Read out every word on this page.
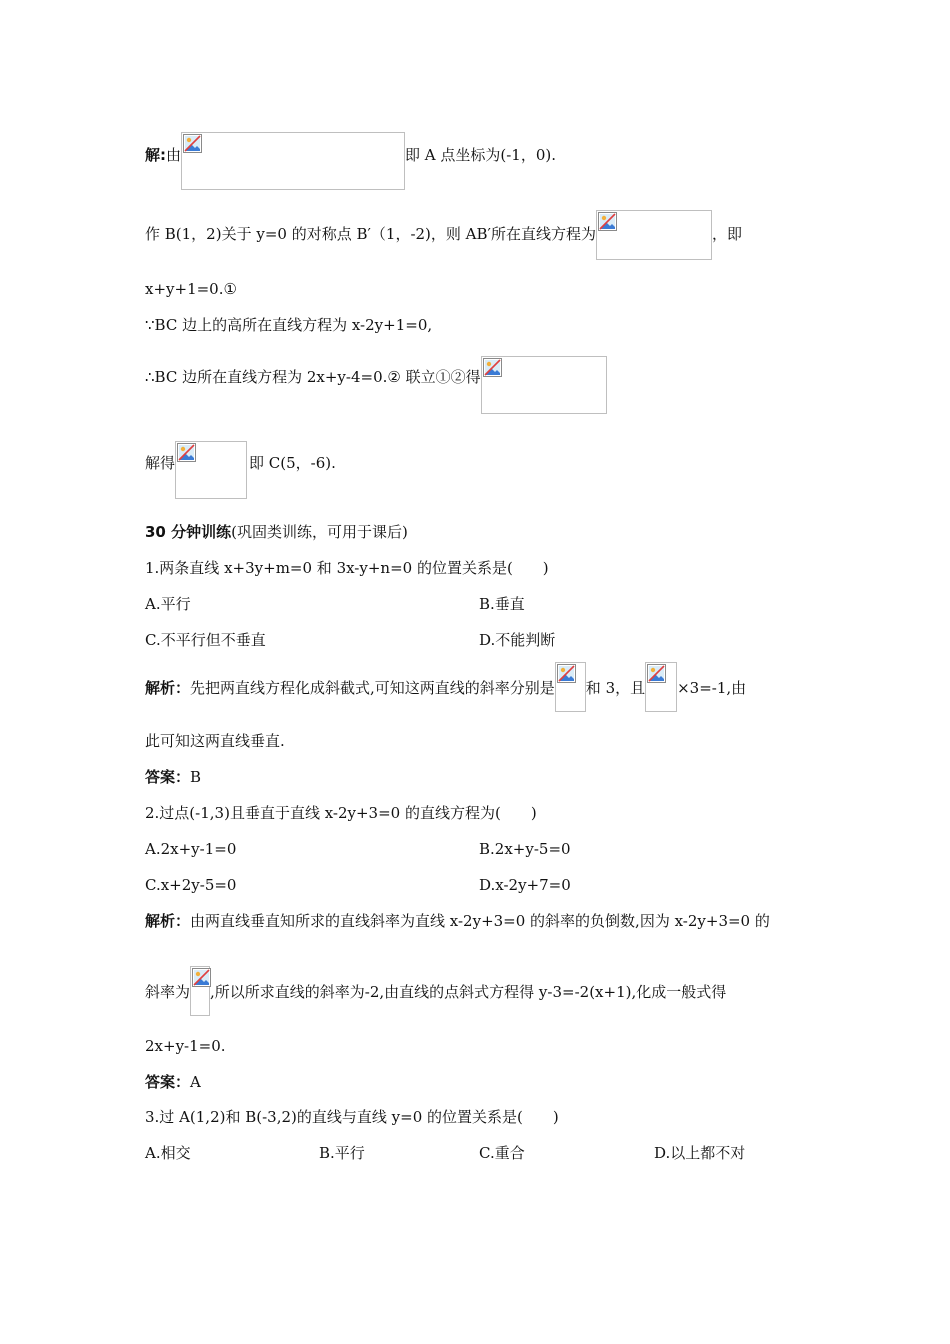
解: 由	即 A 点坐标为(-1，0).
作 B(1，2)关于 y=0 的对称点 B′（1，-2)，则 AB′所在直线方程为	，即
x+y+1=0.①
∵BC 边上的高所在直线方程为 x-2y+1=0,
∴BC 边所在直线方程为 2x+y-4=0.② 联立①②得
解得	即 C(5，-6).
30 分钟训练 (巩固类训练，可用于课后)
1.两条直线 x+3y+m=0 和 3x-y+n=0 的位置关系是(　　)
A.平行	B.垂直
C.不平行但不垂直	D.不能判断
解析： 先把两直线方程化成斜截式,可知这两直线的斜率分别是 和 3，且 ×3=-1,由
此可知这两直线垂直.
答案： B
2.过点(-1,3)且垂直于直线 x-2y+3=0 的直线方程为(　　)
A.2x+y-1=0	B.2x+y-5=0
C.x+2y-5=0	D.x-2y+7=0
解析： 由两直线垂直知所求的直线斜率为直线 x-2y+3=0 的斜率的负倒数,因为 x-2y+3=0 的
斜率为 ,所以所求直线的斜率为-2,由直线的点斜式方程得 y-3=-2(x+1),化成一般式得
2x+y-1=0.
答案： A
3.过 A(1,2)和 B(-3,2)的直线与直线 y=0 的位置关系是(　　)
A.相交	B.平行	C.重合	D.以上都不对
